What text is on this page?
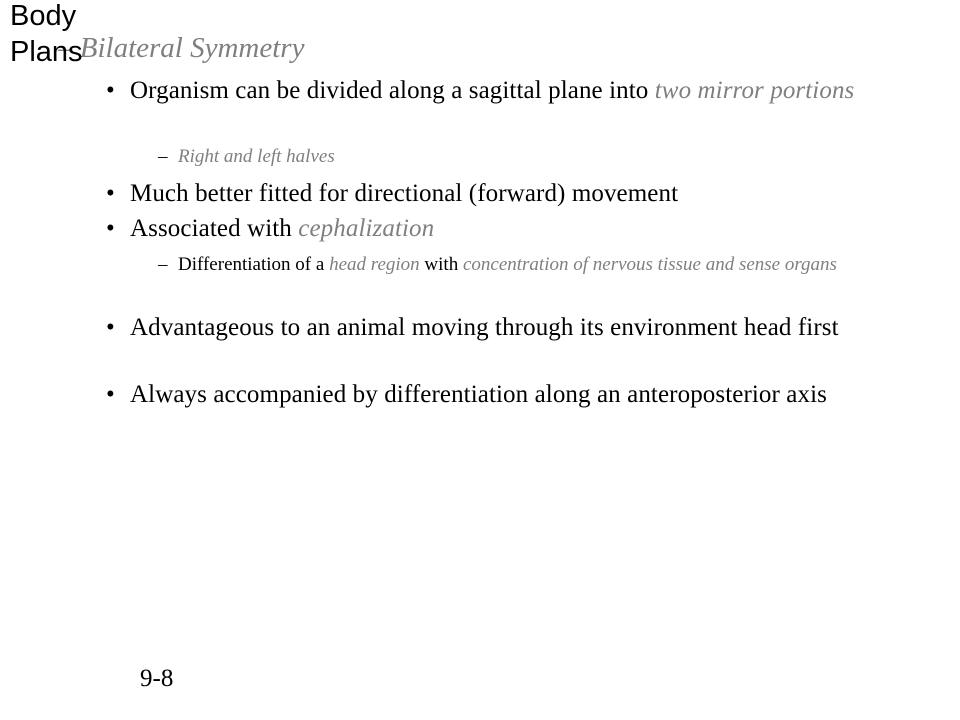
Body
Plans
– Bilateral Symmetry
• Organism can be divided along a sagittal plane into two mirror portions
– Right and left halves
• Much better fitted for directional (forward) movement
• Associated with cephalization
– Differentiation of a head region with concentration of nervous tissue and sense organs
• Advantageous to an animal moving through its environment head first
• Always accompanied by differentiation along an anteroposterior axis
9-8
